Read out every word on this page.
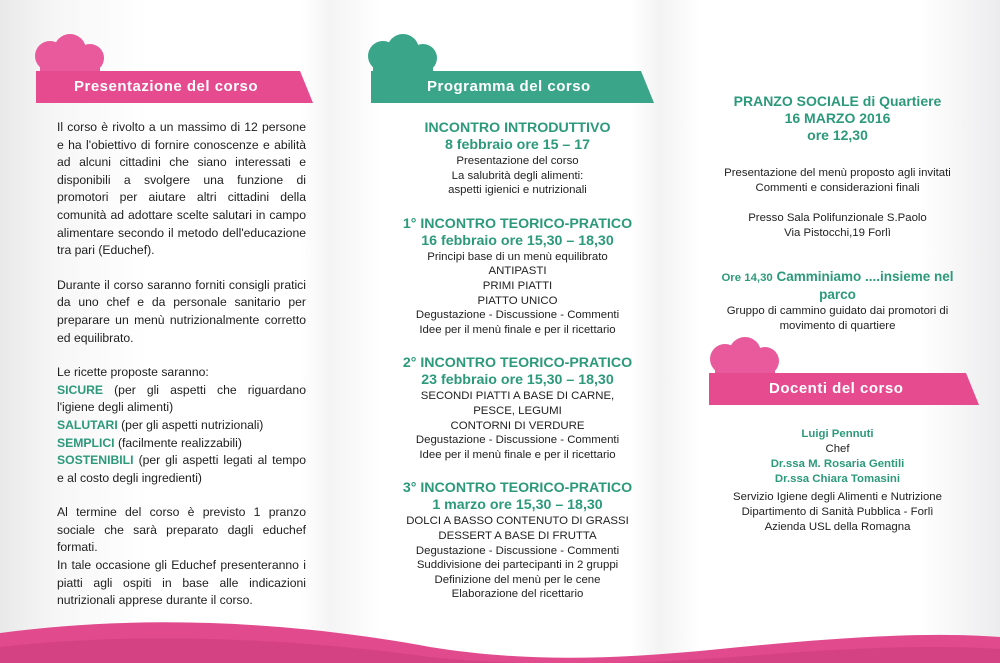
Presentazione del corso

Il corso è rivolto a un massimo di 12 persone e ha l'obiettivo di fornire conoscenze e abilità ad alcuni cittadini che siano interessati e disponibili a svolgere una funzione di promotori per aiutare altri cittadini della comunità ad adottare scelte salutari in campo alimentare secondo il metodo dell'educazione tra pari (Educhef).

Durante il corso saranno forniti consigli pratici da uno chef e da personale sanitario per preparare un menù nutrizionalmente corretto ed equilibrato.

Le ricette proposte saranno:

SICURE (per gli aspetti che riguardano l'igiene degli alimenti)

SALUTARI (per gli aspetti nutrizionali)

SEMPLICI (facilmente realizzabili)

SOSTENIBILI (per gli aspetti legati al tempo e al costo degli ingredienti)

Al termine del corso è previsto 1 pranzo sociale che sarà preparato dagli educhef formati.

In tale occasione gli Educhef presenteranno i piatti agli ospiti in base alle indicazioni nutrizionali apprese durante il corso.

Programma del corso
INCONTRO INTRODUTTIVO
8 febbraio ore 15 – 17
Presentazione del corso
La salubrità degli alimenti:
aspetti igienici e nutrizionali
1° INCONTRO TEORICO-PRATICO
16 febbraio ore 15,30 – 18,30
Principi base di un menù equilibrato
ANTIPASTI
PRIMI PIATTI
PIATTO UNICO
Degustazione - Discussione - Commenti
Idee per il menù finale e per il ricettario
2° INCONTRO TEORICO-PRATICO
23 febbraio ore 15,30 – 18,30
SECONDI PIATTI A BASE DI CARNE,
PESCE, LEGUMI
CONTORNI DI VERDURE
Degustazione - Discussione - Commenti
Idee per il menù finale e per il ricettario
3° INCONTRO TEORICO-PRATICO
1 marzo ore 15,30 – 18,30
DOLCI A BASSO CONTENUTO DI GRASSI
DESSERT A BASE DI FRUTTA
Degustazione - Discussione - Commenti
Suddivisione dei partecipanti in 2 gruppi
Definizione del menù per le cene
Elaborazione del ricettario
PRANZO SOCIALE di Quartiere
16 MARZO 2016
ore 12,30
Presentazione del menù proposto agli invitati
Commenti e considerazioni finali
Presso Sala Polifunzionale S.Paolo
Via Pistocchi,19 Forlì
Ore 14,30 Camminiamo ....insieme nel parco
Gruppo di cammino guidato dai promotori di
movimento di quartiere
Docenti del corso
Luigi Pennuti
Chef
Dr.ssa M. Rosaria Gentili
Dr.ssa Chiara Tomasini
Servizio Igiene degli Alimenti e Nutrizione
Dipartimento di Sanità Pubblica - Forlì
Azienda USL della Romagna
